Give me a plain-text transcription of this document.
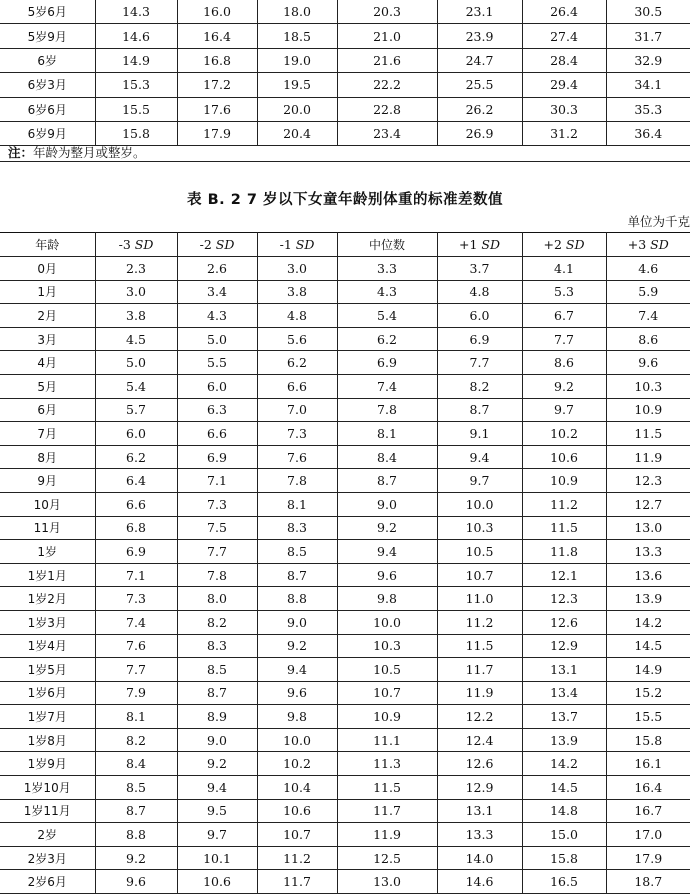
5岁6月	14.3	16.0	18.0	20.3	23.1	26.4	30.5
5岁9月	14.6	16.4	18.5	21.0	23.9	27.4	31.7
6岁	14.9	16.8	19.0	21.6	24.7	28.4	32.9
6岁3月	15.3	17.2	19.5	22.2	25.5	29.4	34.1
6岁6月	15.5	17.6	20.0	22.8	26.2	30.3	35.3
6岁9月	15.8	17.9	20.4	23.4	26.9	31.2	36.4
注：年龄为整月或整岁。
表 B. 2 7 岁以下女童年龄别体重的标准差数值
单位为千克
年龄	-3 SD	-2 SD	-1 SD	中位数	+1 SD	+2 SD	+3 SD
0月	2.3	2.6	3.0	3.3	3.7	4.1	4.6
1月	3.0	3.4	3.8	4.3	4.8	5.3	5.9
2月	3.8	4.3	4.8	5.4	6.0	6.7	7.4
3月	4.5	5.0	5.6	6.2	6.9	7.7	8.6
4月	5.0	5.5	6.2	6.9	7.7	8.6	9.6
5月	5.4	6.0	6.6	7.4	8.2	9.2	10.3
6月	5.7	6.3	7.0	7.8	8.7	9.7	10.9
7月	6.0	6.6	7.3	8.1	9.1	10.2	11.5
8月	6.2	6.9	7.6	8.4	9.4	10.6	11.9
9月	6.4	7.1	7.8	8.7	9.7	10.9	12.3
10月	6.6	7.3	8.1	9.0	10.0	11.2	12.7
11月	6.8	7.5	8.3	9.2	10.3	11.5	13.0
1岁	6.9	7.7	8.5	9.4	10.5	11.8	13.3
1岁1月	7.1	7.8	8.7	9.6	10.7	12.1	13.6
1岁2月	7.3	8.0	8.8	9.8	11.0	12.3	13.9
1岁3月	7.4	8.2	9.0	10.0	11.2	12.6	14.2
1岁4月	7.6	8.3	9.2	10.3	11.5	12.9	14.5
1岁5月	7.7	8.5	9.4	10.5	11.7	13.1	14.9
1岁6月	7.9	8.7	9.6	10.7	11.9	13.4	15.2
1岁7月	8.1	8.9	9.8	10.9	12.2	13.7	15.5
1岁8月	8.2	9.0	10.0	11.1	12.4	13.9	15.8
1岁9月	8.4	9.2	10.2	11.3	12.6	14.2	16.1
1岁10月	8.5	9.4	10.4	11.5	12.9	14.5	16.4
1岁11月	8.7	9.5	10.6	11.7	13.1	14.8	16.7
2岁	8.8	9.7	10.7	11.9	13.3	15.0	17.0
2岁3月	9.2	10.1	11.2	12.5	14.0	15.8	17.9
2岁6月	9.6	10.6	11.7	13.0	14.6	16.5	18.7
